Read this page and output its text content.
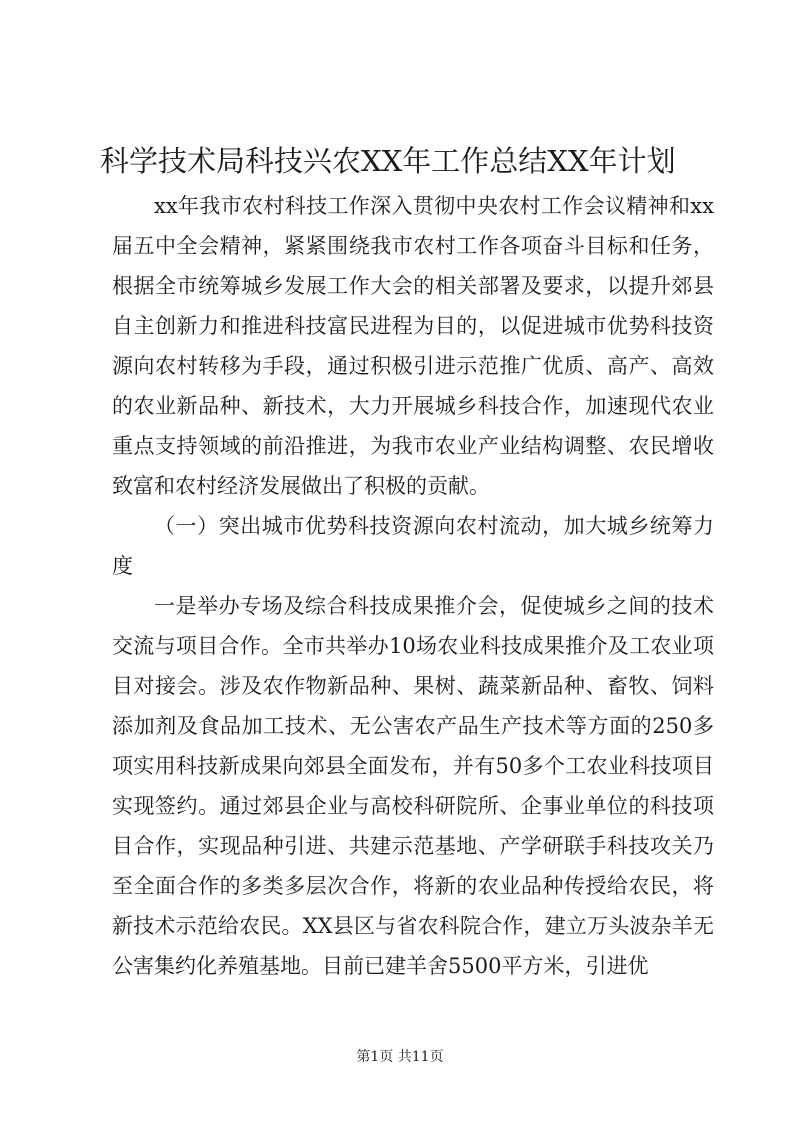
科学技术局科技兴农XX年工作总结XX年计划

xx年我市农村科技工作深入贯彻中央农村工作会议精神和xx届五中全会精神，紧紧围绕我市农村工作各项奋斗目标和任务，根据全市统筹城乡发展工作大会的相关部署及要求，以提升郊县自主创新力和推进科技富民进程为目的，以促进城市优势科技资源向农村转移为手段，通过积极引进示范推广优质、高产、高效的农业新品种、新技术，大力开展城乡科技合作，加速现代农业重点支持领域的前沿推进，为我市农业产业结构调整、农民增收致富和农村经济发展做出了积极的贡献。

（一）突出城市优势科技资源向农村流动，加大城乡统筹力度

一是举办专场及综合科技成果推介会，促使城乡之间的技术交流与项目合作。全市共举办10场农业科技成果推介及工农业项目对接会。涉及农作物新品种、果树、蔬菜新品种、畜牧、饲料添加剂及食品加工技术、无公害农产品生产技术等方面的250多项实用科技新成果向郊县全面发布，并有50多个工农业科技项目实现签约。通过郊县企业与高校科研院所、企事业单位的科技项目合作，实现品种引进、共建示范基地、产学研联手科技攻关乃至全面合作的多类多层次合作，将新的农业品种传授给农民，将新技术示范给农民。XX县区与省农科院合作，建立万头波杂羊无公害集约化养殖基地。目前已建羊舍5500平方米，引进优

第1页 共11页
